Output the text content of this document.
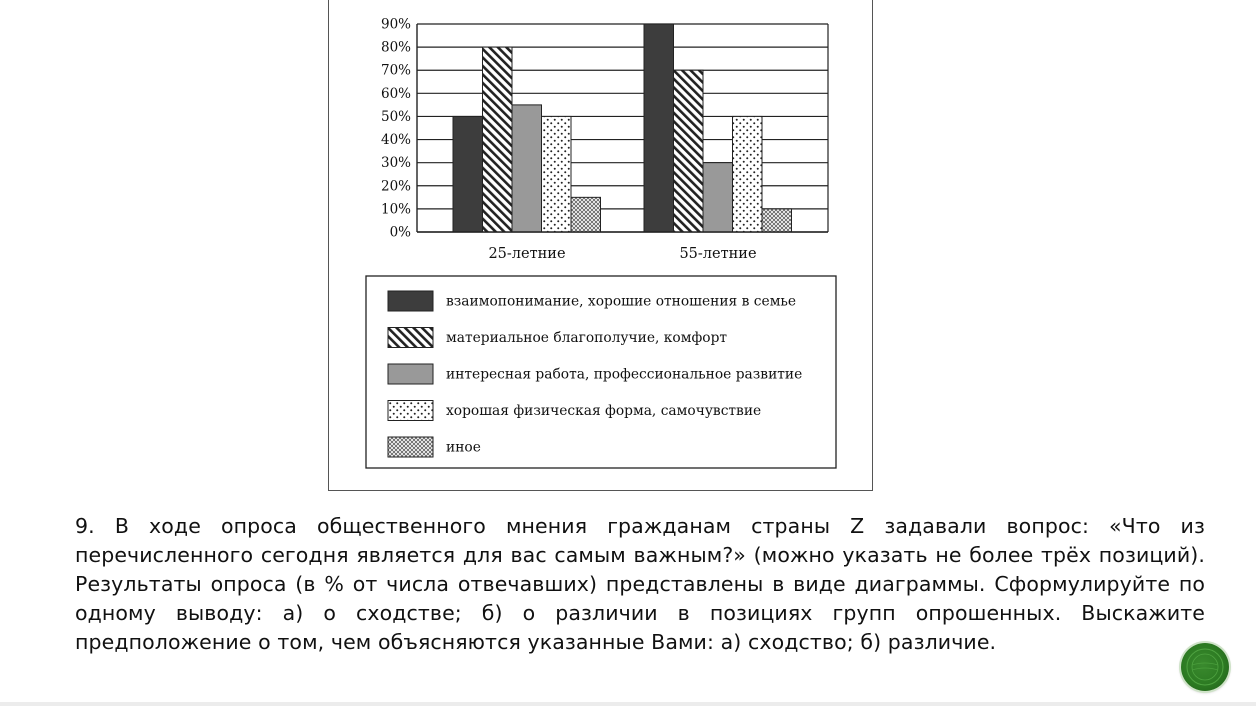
0%
10%
20%
30%
40%
50%
60%
70%
80%
90%
25-летние	55-летние
взаимопонимание, хорошие отношения в семье
материальное благополучие, комфорт
интересная работа, профессиональное развитие
хорошая физическая форма, самочувствие
иное
9. В ходе опроса общественного мнения гражданам страны Z задавали вопрос: «Что из перечисленного сегодня является для вас самым важным?» (можно указать не более трёх позиций). Результаты опроса (в % от числа отвечавших) представлены в виде диаграммы. Сформулируйте по одному выводу: а) о сходстве; б) о различии в позициях групп опрошенных. Выскажите предположение о том, чем объясняются указанные Вами: а) сходство; б) различие.
